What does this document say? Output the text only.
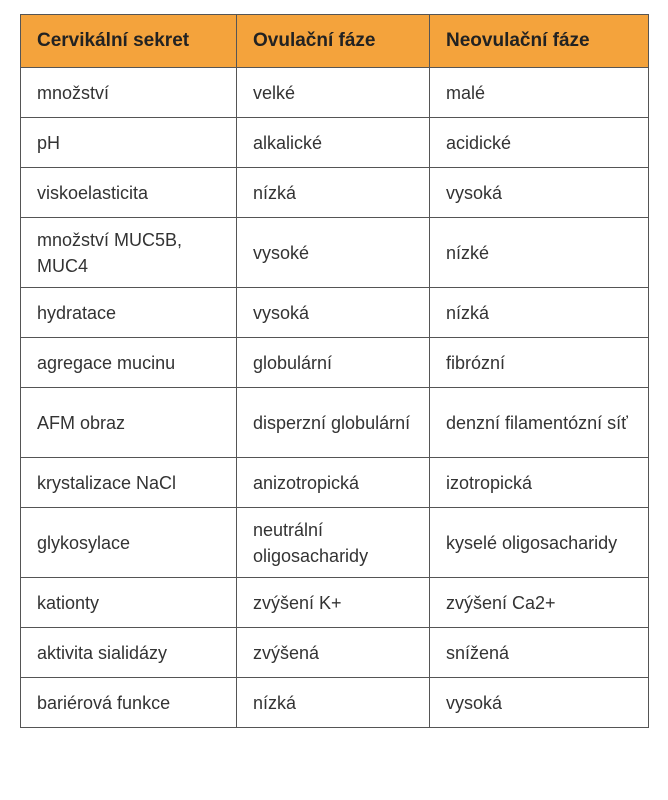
Cervikální sekret	Ovulační fáze	Neovulační fáze
množství	velké	malé
pH	alkalické	acidické
viskoelasticita	nízká	vysoká
množství MUC5B, MUC4	vysoké	nízké
hydratace	vysoká	nízká
agregace mucinu	globulární	fibrózní
AFM obraz	disperzní globulární	denzní filamentózní síť
krystalizace NaCl	anizotropická	izotropická
glykosylace	neutrální oligosacharidy	kyselé oligosacharidy
kationty	zvýšení K+	zvýšení Ca2+
aktivita sialidázy	zvýšená	snížená
bariérová funkce	nízká	vysoká
